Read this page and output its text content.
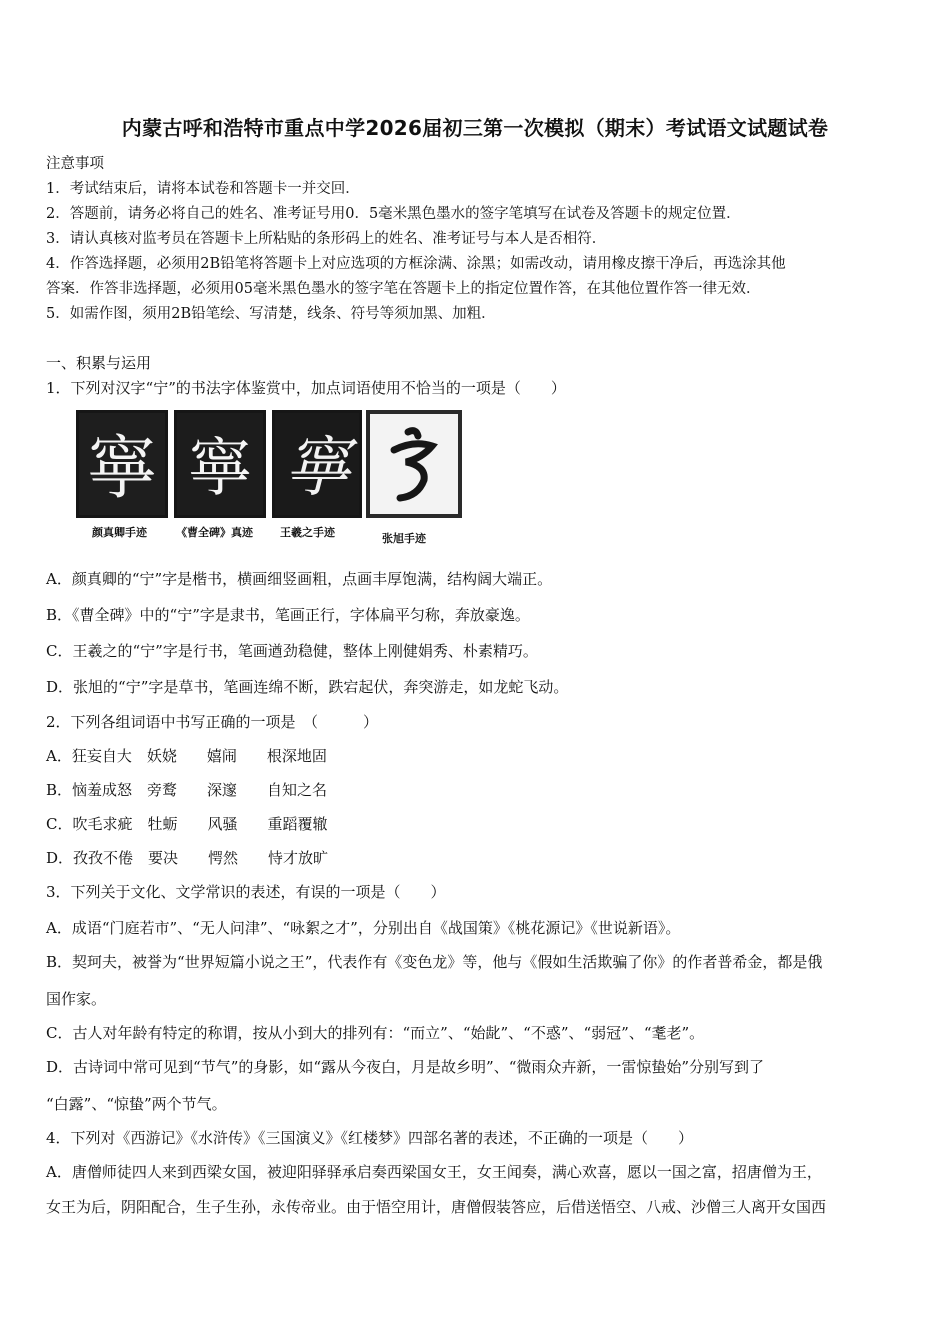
内蒙古呼和浩特市重点中学2026届初三第一次模拟（期末）考试语文试题试卷
注意事项
1．考试结束后，请将本试卷和答题卡一并交回．
2．答题前，请务必将自己的姓名、准考证号用0．5毫米黑色墨水的签字笔填写在试卷及答题卡的规定位置．
3．请认真核对监考员在答题卡上所粘贴的条形码上的姓名、准考证号与本人是否相符．
4．作答选择题，必须用2B铅笔将答题卡上对应选项的方框涂满、涂黑；如需改动，请用橡皮擦干净后，再选涂其他
答案．作答非选择题，必须用05毫米黑色墨水的签字笔在答题卡上的指定位置作答，在其他位置作答一律无效．
5．如需作图，须用2B铅笔绘、写清楚，线条、符号等须加黑、加粗．
一、积累与运用
1．下列对汉字“宁”的书法字体鉴赏中，加点词语使用不恰当的一项是（　　）
寧 寧 寧	宁
颜真卿手迹	《曹全碑》真迹 王羲之手迹	张旭手迹
A．颜真卿的“宁”字是楷书，横画细竖画粗，点画丰厚饱满，结构阔大端正。
B．《曹全碑》中的“宁”字是隶书，笔画正行，字体扁平匀称，奔放豪逸。
C．王羲之的“宁”字是行书，笔画遒劲稳健，整体上刚健娟秀、朴素精巧。
D．张旭的“宁”字是草书，笔画连绵不断，跌宕起伏，奔突游走，如龙蛇飞动。
2．下列各组词语中书写正确的一项是　（　　　）
A．狂妄自大　妖娆　　嬉闹　　根深地固
B．恼羞成怒　旁鹜　　深邃　　自知之名
C．吹毛求疵　牡蛎　　风骚　　重蹈覆辙
D．孜孜不倦　要决　　愕然　　恃才放旷
3．下列关于文化、文学常识的表述，有误的一项是（　　）
A．成语“门庭若市”、“无人问津”、“咏絮之才”，分别出自《战国策》《桃花源记》《世说新语》。
B．契珂夫，被誉为“世界短篇小说之王”，代表作有《变色龙》等，他与《假如生活欺骗了你》的作者普希金，都是俄
国作家。
C．古人对年龄有特定的称谓，按从小到大的排列有：“而立”、“始龀”、“不惑”、“弱冠”、“耄老”。
D．古诗词中常可见到“节气”的身影，如“露从今夜白，月是故乡明”、“微雨众卉新，一雷惊蛰始”分别写到了
“白露”、“惊蛰”两个节气。
4．下列对《西游记》《水浒传》《三国演义》《红楼梦》四部名著的表述，不正确的一项是（　　）
A．唐僧师徒四人来到西梁女国，被迎阳驿驿承启奏西梁国女王，女王闻奏，满心欢喜，愿以一国之富，招唐僧为王，
女王为后，阴阳配合，生子生孙，永传帝业。由于悟空用计，唐僧假装答应，后借送悟空、八戒、沙僧三人离开女国西
